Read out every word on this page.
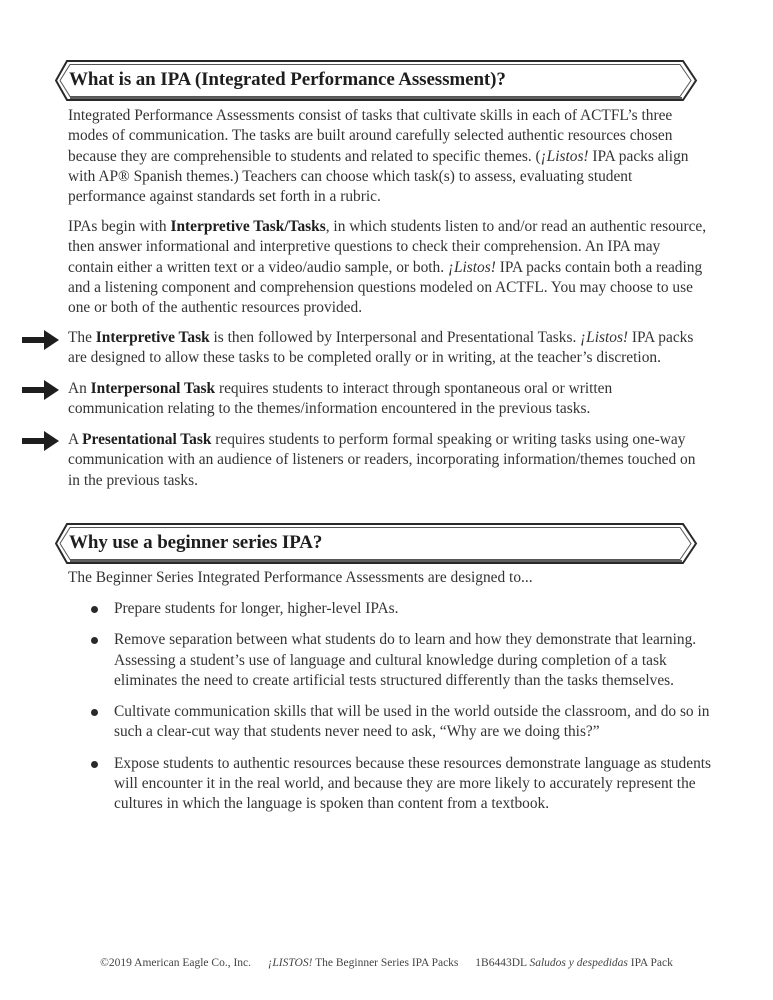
What is an IPA (Integrated Performance Assessment)?

Integrated Performance Assessments consist of tasks that cultivate skills in each of ACTFL’s three modes of communication. The tasks are built around carefully selected authentic resources chosen because they are comprehensible to students and related to specific themes. (¡Listos! IPA packs align with AP® Spanish themes.) Teachers can choose which task(s) to assess, evaluating student performance against standards set forth in a rubric.

IPAs begin with Interpretive Task/Tasks, in which students listen to and/or read an authentic resource, then answer informational and interpretive questions to check their comprehension. An IPA may contain either a written text or a video/audio sample, or both. ¡Listos! IPA packs contain both a reading and a listening component and comprehension questions modeled on ACTFL. You may choose to use one or both of the authentic resources provided.

The Interpretive Task is then followed by Interpersonal and Presentational Tasks. ¡Listos! IPA packs are designed to allow these tasks to be completed orally or in writing, at the teacher’s discretion.

An Interpersonal Task requires students to interact through spontaneous oral or written communication relating to the themes/information encountered in the previous tasks.

A Presentational Task requires students to perform formal speaking or writing tasks using one-way communication with an audience of listeners or readers, incorporating information/themes touched on in the previous tasks.

Why use a beginner series IPA?

The Beginner Series Integrated Performance Assessments are designed to...

Prepare students for longer, higher-level IPAs.
Remove separation between what students do to learn and how they demonstrate that learning. Assessing a student’s use of language and cultural knowledge during completion of a task eliminates the need to create artificial tests structured differently than the tasks themselves.
Cultivate communication skills that will be used in the world outside the classroom, and do so in such a clear-cut way that students never need to ask, “Why are we doing this?”
Expose students to authentic resources because these resources demonstrate language as students will encounter it in the real world, and because they are more likely to accurately represent the cultures in which the language is spoken than content from a textbook.
©2019 American Eagle Co., Inc. ¡LISTOS! The Beginner Series IPA Packs 1B6443DL Saludos y despedidas IPA Pack
